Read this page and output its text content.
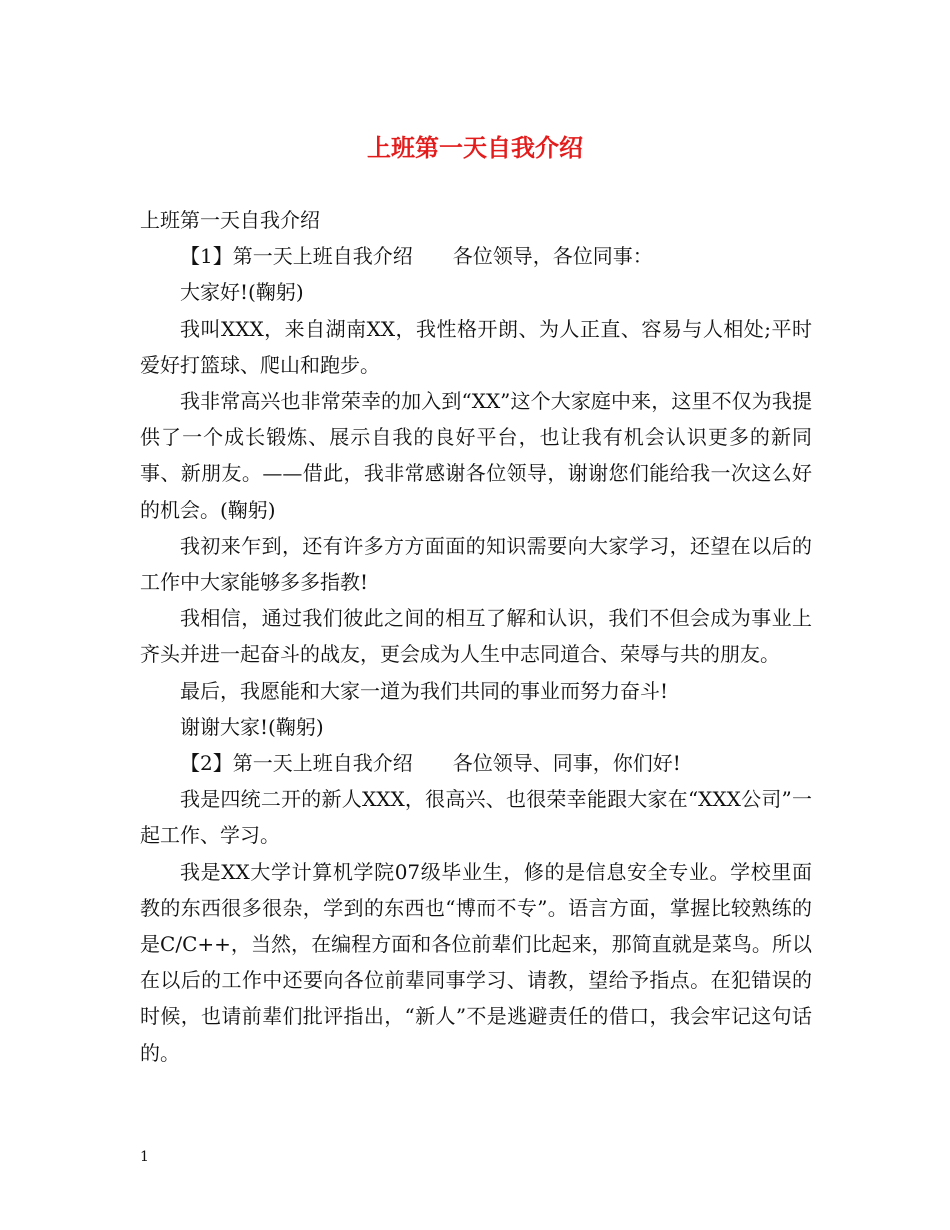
上班第一天自我介绍

上班第一天自我介绍

【1】第一天上班自我介绍　　各位领导，各位同事：

大家好!(鞠躬)

我叫XXX，来自湖南XX，我性格开朗、为人正直、容易与人相处;平时爱好打篮球、爬山和跑步。

我非常高兴也非常荣幸的加入到“XX”这个大家庭中来，这里不仅为我提供了一个成长锻炼、展示自我的良好平台，也让我有机会认识更多的新同事、新朋友。——借此，我非常感谢各位领导，谢谢您们能给我一次这么好的机会。(鞠躬)

我初来乍到，还有许多方方面面的知识需要向大家学习，还望在以后的工作中大家能够多多指教!

我相信，通过我们彼此之间的相互了解和认识，我们不但会成为事业上齐头并进一起奋斗的战友，更会成为人生中志同道合、荣辱与共的朋友。

最后，我愿能和大家一道为我们共同的事业而努力奋斗!

谢谢大家!(鞠躬)

【2】第一天上班自我介绍　　各位领导、同事，你们好!

我是四统二开的新人XXX，很高兴、也很荣幸能跟大家在“XXX公司”一起工作、学习。

我是XX大学计算机学院07级毕业生，修的是信息安全专业。学校里面教的东西很多很杂，学到的东西也“博而不专”。语言方面，掌握比较熟练的是C/C++，当然，在编程方面和各位前辈们比起来，那简直就是菜鸟。所以在以后的工作中还要向各位前辈同事学习、请教，望给予指点。在犯错误的时候，也请前辈们批评指出，“新人”不是逃避责任的借口，我会牢记这句话的。

1
